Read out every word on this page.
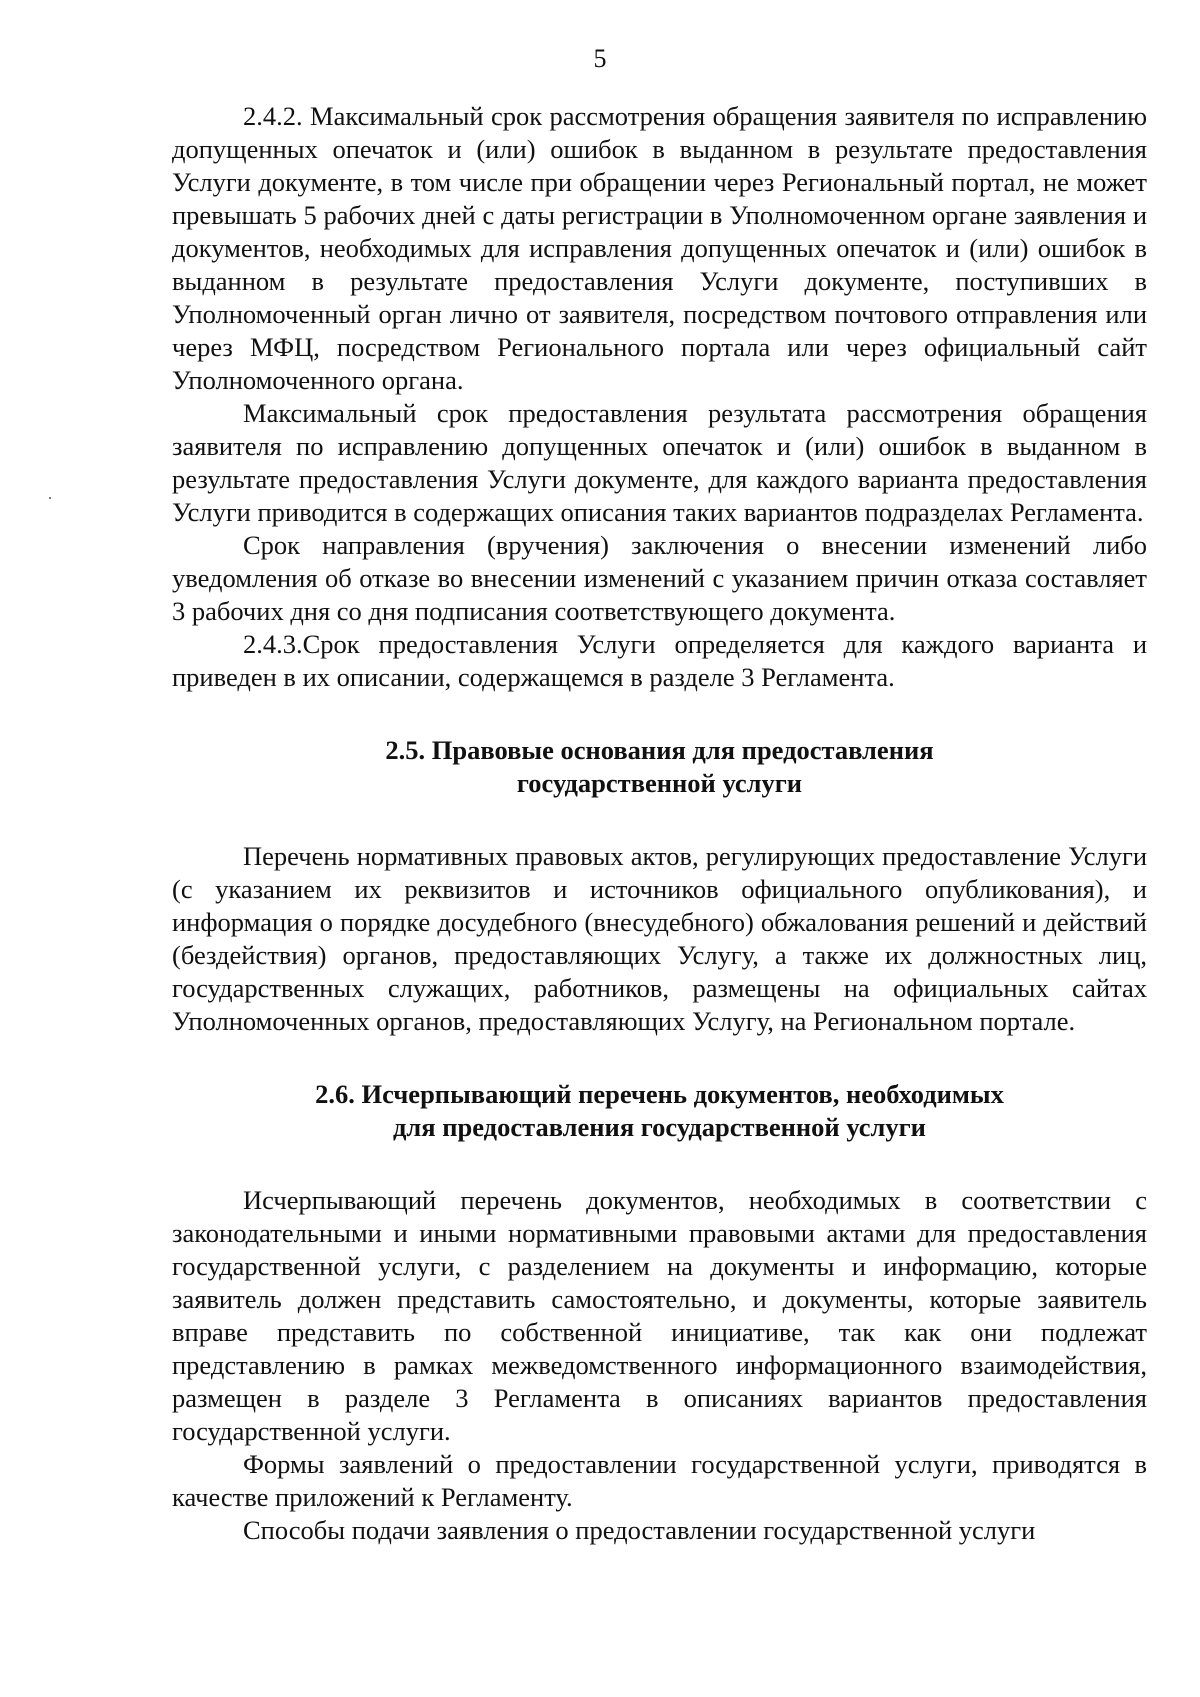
5

2.4.2. Максимальный срок рассмотрения обращения заявителя по исправлению допущенных опечаток и (или) ошибок в выданном в результате предоставления Услуги документе, в том числе при обращении через Региональный портал, не может превышать 5 рабочих дней с даты регистрации в Уполномоченном органе заявления и документов, необходимых для исправления допущенных опечаток и (или) ошибок в выданном в результате предоставления Услуги документе, поступивших в Уполномоченный орган лично от заявителя, посредством почтового отправления или через МФЦ, посредством Регионального портала или через официальный сайт Уполномоченного органа.

Максимальный срок предоставления результата рассмотрения обращения заявителя по исправлению допущенных опечаток и (или) ошибок в выданном в результате предоставления Услуги документе, для каждого варианта предоставления Услуги приводится в содержащих описания таких вариантов подразделах Регламента.

Срок направления (вручения) заключения о внесении изменений либо уведомления об отказе во внесении изменений с указанием причин отказа составляет 3 рабочих дня со дня подписания соответствующего документа.

2.4.3.Срок предоставления Услуги определяется для каждого варианта и приведен в их описании, содержащемся в разделе 3 Регламента.

2.5. Правовые основания для предоставления
государственной услуги

Перечень нормативных правовых актов, регулирующих предоставление Услуги (с указанием их реквизитов и источников официального опубликования), и информация о порядке досудебного (внесудебного) обжалования решений и действий (бездействия) органов, предоставляющих Услугу, а также их должностных лиц, государственных служащих, работников, размещены на официальных сайтах Уполномоченных органов, предоставляющих Услугу, на Региональном портале.

2.6. Исчерпывающий перечень документов, необходимых
для предоставления государственной услуги

Исчерпывающий перечень документов, необходимых в соответствии с законодательными и иными нормативными правовыми актами для предоставления государственной услуги, с разделением на документы и информацию, которые заявитель должен представить самостоятельно, и документы, которые заявитель вправе представить по собственной инициативе, так как они подлежат представлению в рамках межведомственного информационного взаимодействия, размещен в разделе 3 Регламента в описаниях вариантов предоставления государственной услуги.

Формы заявлений о предоставлении государственной услуги, приводятся в качестве приложений к Регламенту.

Способы подачи заявления о предоставлении государственной услуги
